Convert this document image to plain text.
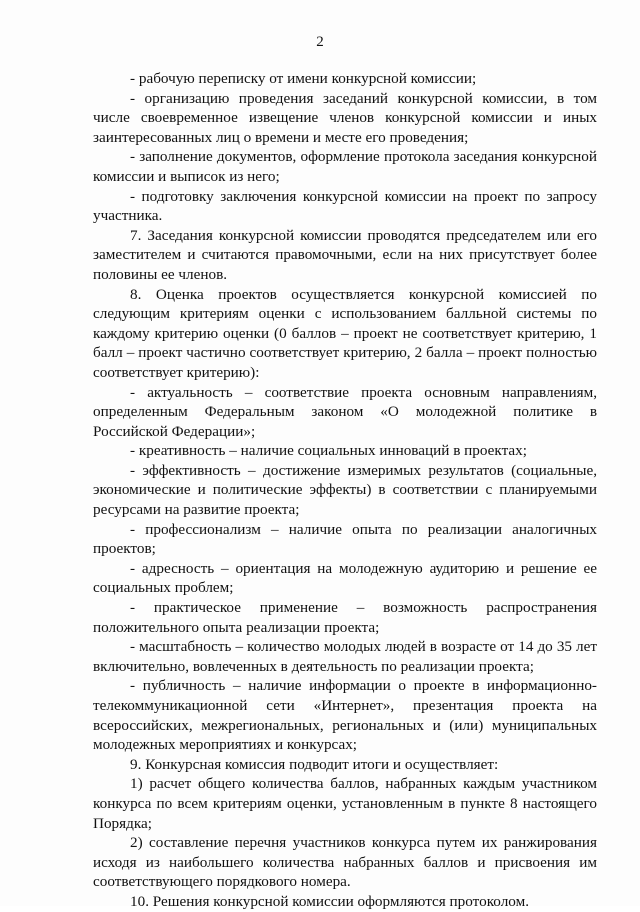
2

- рабочую переписку от имени конкурсной комиссии;

- организацию проведения заседаний конкурсной комиссии, в том числе своевременное извещение членов конкурсной комиссии и иных заинтересованных лиц о времени и месте его проведения;

- заполнение документов, оформление протокола заседания конкурсной комиссии и выписок из него;

- подготовку заключения конкурсной комиссии на проект по запросу участника.

7. Заседания конкурсной комиссии проводятся председателем или его заместителем и считаются правомочными, если на них присутствует более половины ее членов.

8. Оценка проектов осуществляется конкурсной комиссией по следующим критериям оценки с использованием балльной системы по каждому критерию оценки (0 баллов – проект не соответствует критерию, 1 балл – проект частично соответствует критерию, 2 балла – проект полностью соответствует критерию):

- актуальность – соответствие проекта основным направлениям, определенным Федеральным законом «О молодежной политике в Российской Федерации»;

- креативность – наличие социальных инноваций в проектах;

- эффективность – достижение измеримых результатов (социальные, экономические и политические эффекты) в соответствии с планируемыми ресурсами на развитие проекта;

- профессионализм – наличие опыта по реализации аналогичных проектов;

- адресность – ориентация на молодежную аудиторию и решение ее социальных проблем;

- практическое применение – возможность распространения положительного опыта реализации проекта;

- масштабность – количество молодых людей в возрасте от 14 до 35 лет включительно, вовлеченных в деятельность по реализации проекта;

- публичность – наличие информации о проекте в информационно-телекоммуникационной сети «Интернет», презентация проекта на всероссийских, межрегиональных, региональных и (или) муниципальных молодежных мероприятиях и конкурсах;

9. Конкурсная комиссия подводит итоги и осуществляет:

1) расчет общего количества баллов, набранных каждым участником конкурса по всем критериям оценки, установленным в пункте 8 настоящего Порядка;

2) составление перечня участников конкурса путем их ранжирования исходя из наибольшего количества набранных баллов и присвоения им соответствующего порядкового номера.

10. Решения конкурсной комиссии оформляются протоколом.
